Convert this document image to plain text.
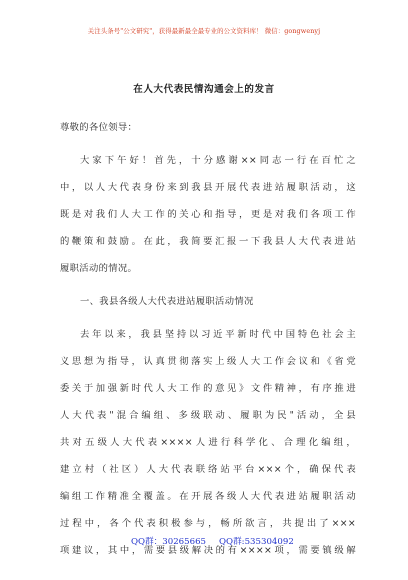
关注头条号"公文研究"，获得最新最全最专业的公文资料库！ 微信：gongwenyj
在人大代表民情沟通会上的发言
尊敬的各位领导：
大家下午好！首先，十分感谢××同志一行在百忙之
中，以人大代表身份来到我县开展代表进站履职活动，这
既是对我们人大工作的关心和指导，更是对我们各项工作
的鞭策和鼓励。在此，我简要汇报一下我县人大代表进站
履职活动的情况。
一、我县各级人大代表进站履职活动情况
去年以来，我县坚持以习近平新时代中国特色社会主
义思想为指导，认真贯彻落实上级人大工作会议和《省党
委关于加强新时代人大工作的意见》文件精神，有序推进
人大代表"混合编组、多级联动、履职为民"活动，全县
共对五级人大代表××××人进行科学化、合理化编组，
建立村（社区）人大代表联络站平台×××个，确保代表
编组工作精准全覆盖。在开展各级人大代表进站履职活动
过程中，各个代表积极参与，畅所欲言，共提出了×××
项建议，其中，需要县级解决的有××××项，需要镇级解
QQ群：30265665 QQ群:535304092
